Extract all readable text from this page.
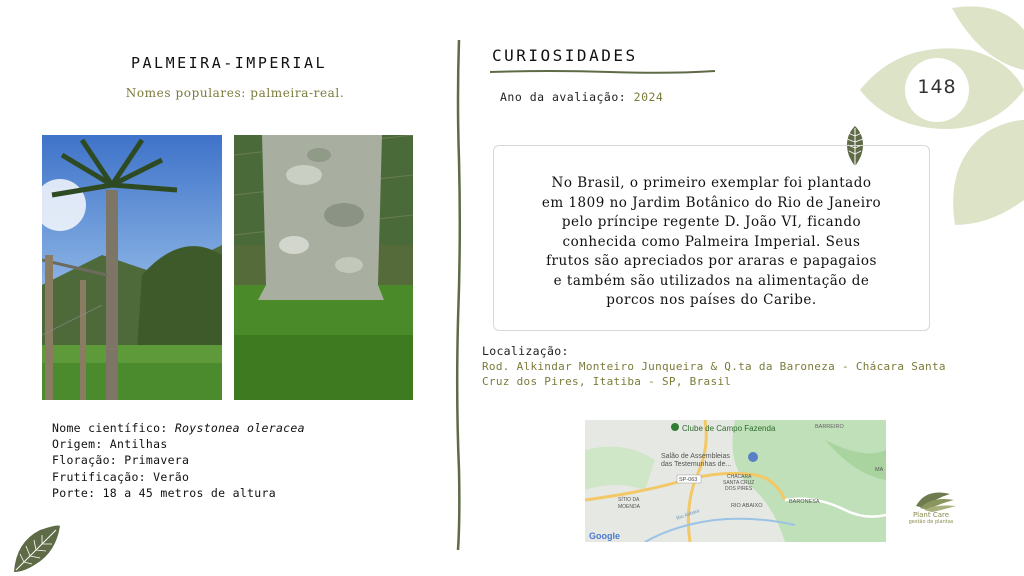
PALMEIRA-IMPERIAL
Nomes populares: palmeira-real.
Nome científico: Roystonea oleracea
Origem: Antilhas
Floração: Primavera
Frutificação: Verão
Porte: 18 a 45 metros de altura
CURIOSIDADES
Ano da avaliação: 2024	148
No Brasil, o primeiro exemplar foi plantado
em 1809 no Jardim Botânico do Rio de Janeiro
pelo príncipe regente D. João VI, ficando
conhecida como Palmeira Imperial. Seus
frutos são apreciados por araras e papagaios
e também são utilizados na alimentação de
porcos nos países do Caribe.
Localização:
Rod. Alkindar Monteiro Junqueira & Q.ta da Baroneza - Chácara Santa
Cruz dos Pires, Itatiba - SP, Brasil
Clube de Campo Fazenda	BARREIRO
Salão de Assembleias
das Testemunhas de...
SP-063	CHÁCARA
SANTA CRUZ
DOS PIRES
SÍTIO DA
MOENDA	RIO ABAIXO
BARONESA
MA
Rio Atibaia
Google
Plant Care
gestão de plantas
